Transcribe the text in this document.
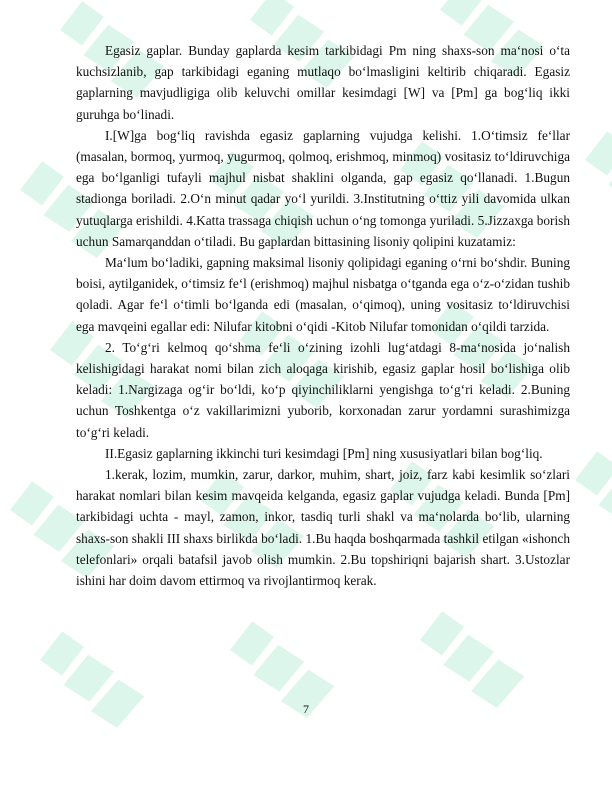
Egasiz gaplar. Bunday gaplarda kesim tarkibidagi Pm ning shaxs-son ma‘nosi o‘ta kuchsizlanib, gap tarkibidagi eganing mutlaqo bo‘lmasligini keltirib chiqaradi. Egasiz gaplarning mavjudligiga olib keluvchi omillar kesimdagi [W] va [Pm] ga bog‘liq ikki guruhga bo‘linadi.

I.[W]ga bog‘liq ravishda egasiz gaplarning vujudga kelishi. 1.O‘timsiz fe‘llar (masalan, bormoq, yurmoq, yugurmoq, qolmoq, erishmoq, minmoq) vositasiz to‘ldiruvchiga ega bo‘lganligi tufayli majhul nisbat shaklini olganda, gap egasiz qo‘llanadi. 1.Bugun stadionga boriladi. 2.O‘n minut qadar yo‘l yurildi. 3.Institutning o‘ttiz yili davomida ulkan yutuqlarga erishildi. 4.Katta trassaga chiqish uchun o‘ng tomonga yuriladi. 5.Jizzaxga borish uchun Samarqanddan o‘tiladi. Bu gaplardan bittasining lisoniy qolipini kuzatamiz:

Ma‘lum bo‘ladiki, gapning maksimal lisoniy qolipidagi eganing o‘rni bo‘shdir. Buning boisi, aytilganidek, o‘timsiz fe‘l (erishmoq) majhul nisbatga o‘tganda ega o‘z-o‘zidan tushib qoladi. Agar fe‘l o‘timli bo‘lganda edi (masalan, o‘qimoq), uning vositasiz to‘ldiruvchisi ega mavqeini egallar edi: Nilufar kitobni o‘qidi -Kitob Nilufar tomonidan o‘qildi tarzida.

2. To‘g‘ri kelmoq qo‘shma fe‘li o‘zining izohli lug‘atdagi 8-ma‘nosida jo‘nalish kelishigidagi harakat nomi bilan zich aloqaga kirishib, egasiz gaplar hosil bo‘lishiga olib keladi: 1.Nargizaga og‘ir bo‘ldi, ko‘p qiyinchiliklarni yengishga to‘g‘ri keladi. 2.Buning uchun Toshkentga o‘z vakillarimizni yuborib, korxonadan zarur yordamni surashimizga to‘g‘ri keladi.

II.Egasiz gaplarning ikkinchi turi kesimdagi [Pm] ning xususiyatlari bilan bog‘liq.

1.kerak, lozim, mumkin, zarur, darkor, muhim, shart, joiz, farz kabi kesimlik so‘zlari harakat nomlari bilan kesim mavqeida kelganda, egasiz gaplar vujudga keladi. Bunda [Pm] tarkibidagi uchta - mayl, zamon, inkor, tasdiq turli shakl va ma‘nolarda bo‘lib, ularning shaxs-son shakli III shaxs birlikda bo‘ladi. 1.Bu haqda boshqarmada tashkil etilgan «ishonch telefonlari» orqali batafsil javob olish mumkin. 2.Bu topshiriqni bajarish shart. 3.Ustozlar ishini har doim davom ettirmoq va rivojlantirmoq kerak.

7
